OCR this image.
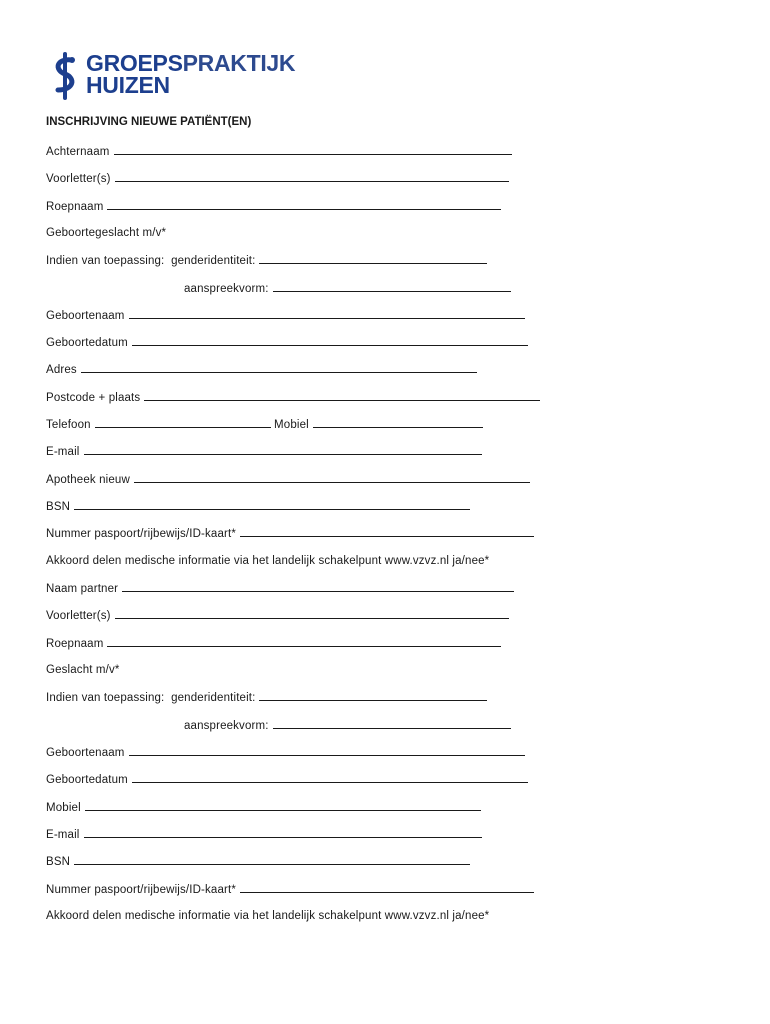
GROEPSPRAKTIJK
HUIZEN
INSCHRIJVING NIEUWE PATIËNT(EN)
Achternaam
Voorletter(s)
Roepnaam
Geboortegeslacht m/v*
Indien van toepassing: genderidentiteit:
aanspreekvorm:
Geboortenaam
Geboortedatum
Adres
Postcode + plaats
Telefoon	Mobiel
E-mail
Apotheek nieuw
BSN
Nummer paspoort/rijbewijs/ID-kaart*
Akkoord delen medische informatie via het landelijk schakelpunt www.vzvz.nl ja/nee*
Naam partner
Voorletter(s)
Roepnaam
Geslacht m/v*
Indien van toepassing: genderidentiteit:
aanspreekvorm:
Geboortenaam
Geboortedatum
Mobiel
E-mail
BSN
Nummer paspoort/rijbewijs/ID-kaart*
Akkoord delen medische informatie via het landelijk schakelpunt www.vzvz.nl ja/nee*
